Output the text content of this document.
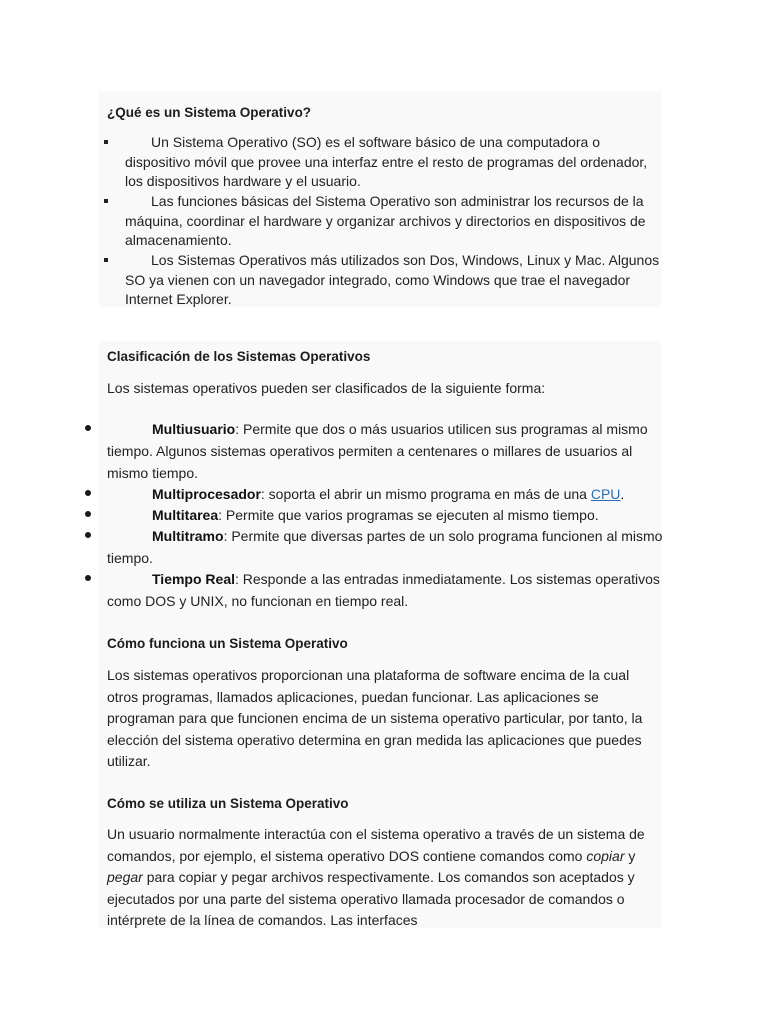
¿Qué es un Sistema Operativo?
Un Sistema Operativo (SO) es el software básico de una computadora o dispositivo móvil que provee una interfaz entre el resto de programas del ordenador, los dispositivos hardware y el usuario.
Las funciones básicas del Sistema Operativo son administrar los recursos de la máquina, coordinar el hardware y organizar archivos y directorios en dispositivos de almacenamiento.
Los Sistemas Operativos más utilizados son Dos, Windows, Linux y Mac. Algunos SO ya vienen con un navegador integrado, como Windows que trae el navegador Internet Explorer.
Clasificación de los Sistemas Operativos
Los sistemas operativos pueden ser clasificados de la siguiente forma:
Multiusuario: Permite que dos o más usuarios utilicen sus programas al mismo tiempo. Algunos sistemas operativos permiten a centenares o millares de usuarios al mismo tiempo.
Multiprocesador: soporta el abrir un mismo programa en más de una CPU.
Multitarea: Permite que varios programas se ejecuten al mismo tiempo.
Multitramo: Permite que diversas partes de un solo programa funcionen al mismo tiempo.
Tiempo Real: Responde a las entradas inmediatamente. Los sistemas operativos como DOS y UNIX, no funcionan en tiempo real.
Cómo funciona un Sistema Operativo
Los sistemas operativos proporcionan una plataforma de software encima de la cual otros programas, llamados aplicaciones, puedan funcionar. Las aplicaciones se programan para que funcionen encima de un sistema operativo particular, por tanto, la elección del sistema operativo determina en gran medida las aplicaciones que puedes utilizar.
Cómo se utiliza un Sistema Operativo
Un usuario normalmente interactúa con el sistema operativo a través de un sistema de comandos, por ejemplo, el sistema operativo DOS contiene comandos como copiar y pegar para copiar y pegar archivos respectivamente. Los comandos son aceptados y ejecutados por una parte del sistema operativo llamada procesador de comandos o intérprete de la línea de comandos. Las interfaces
